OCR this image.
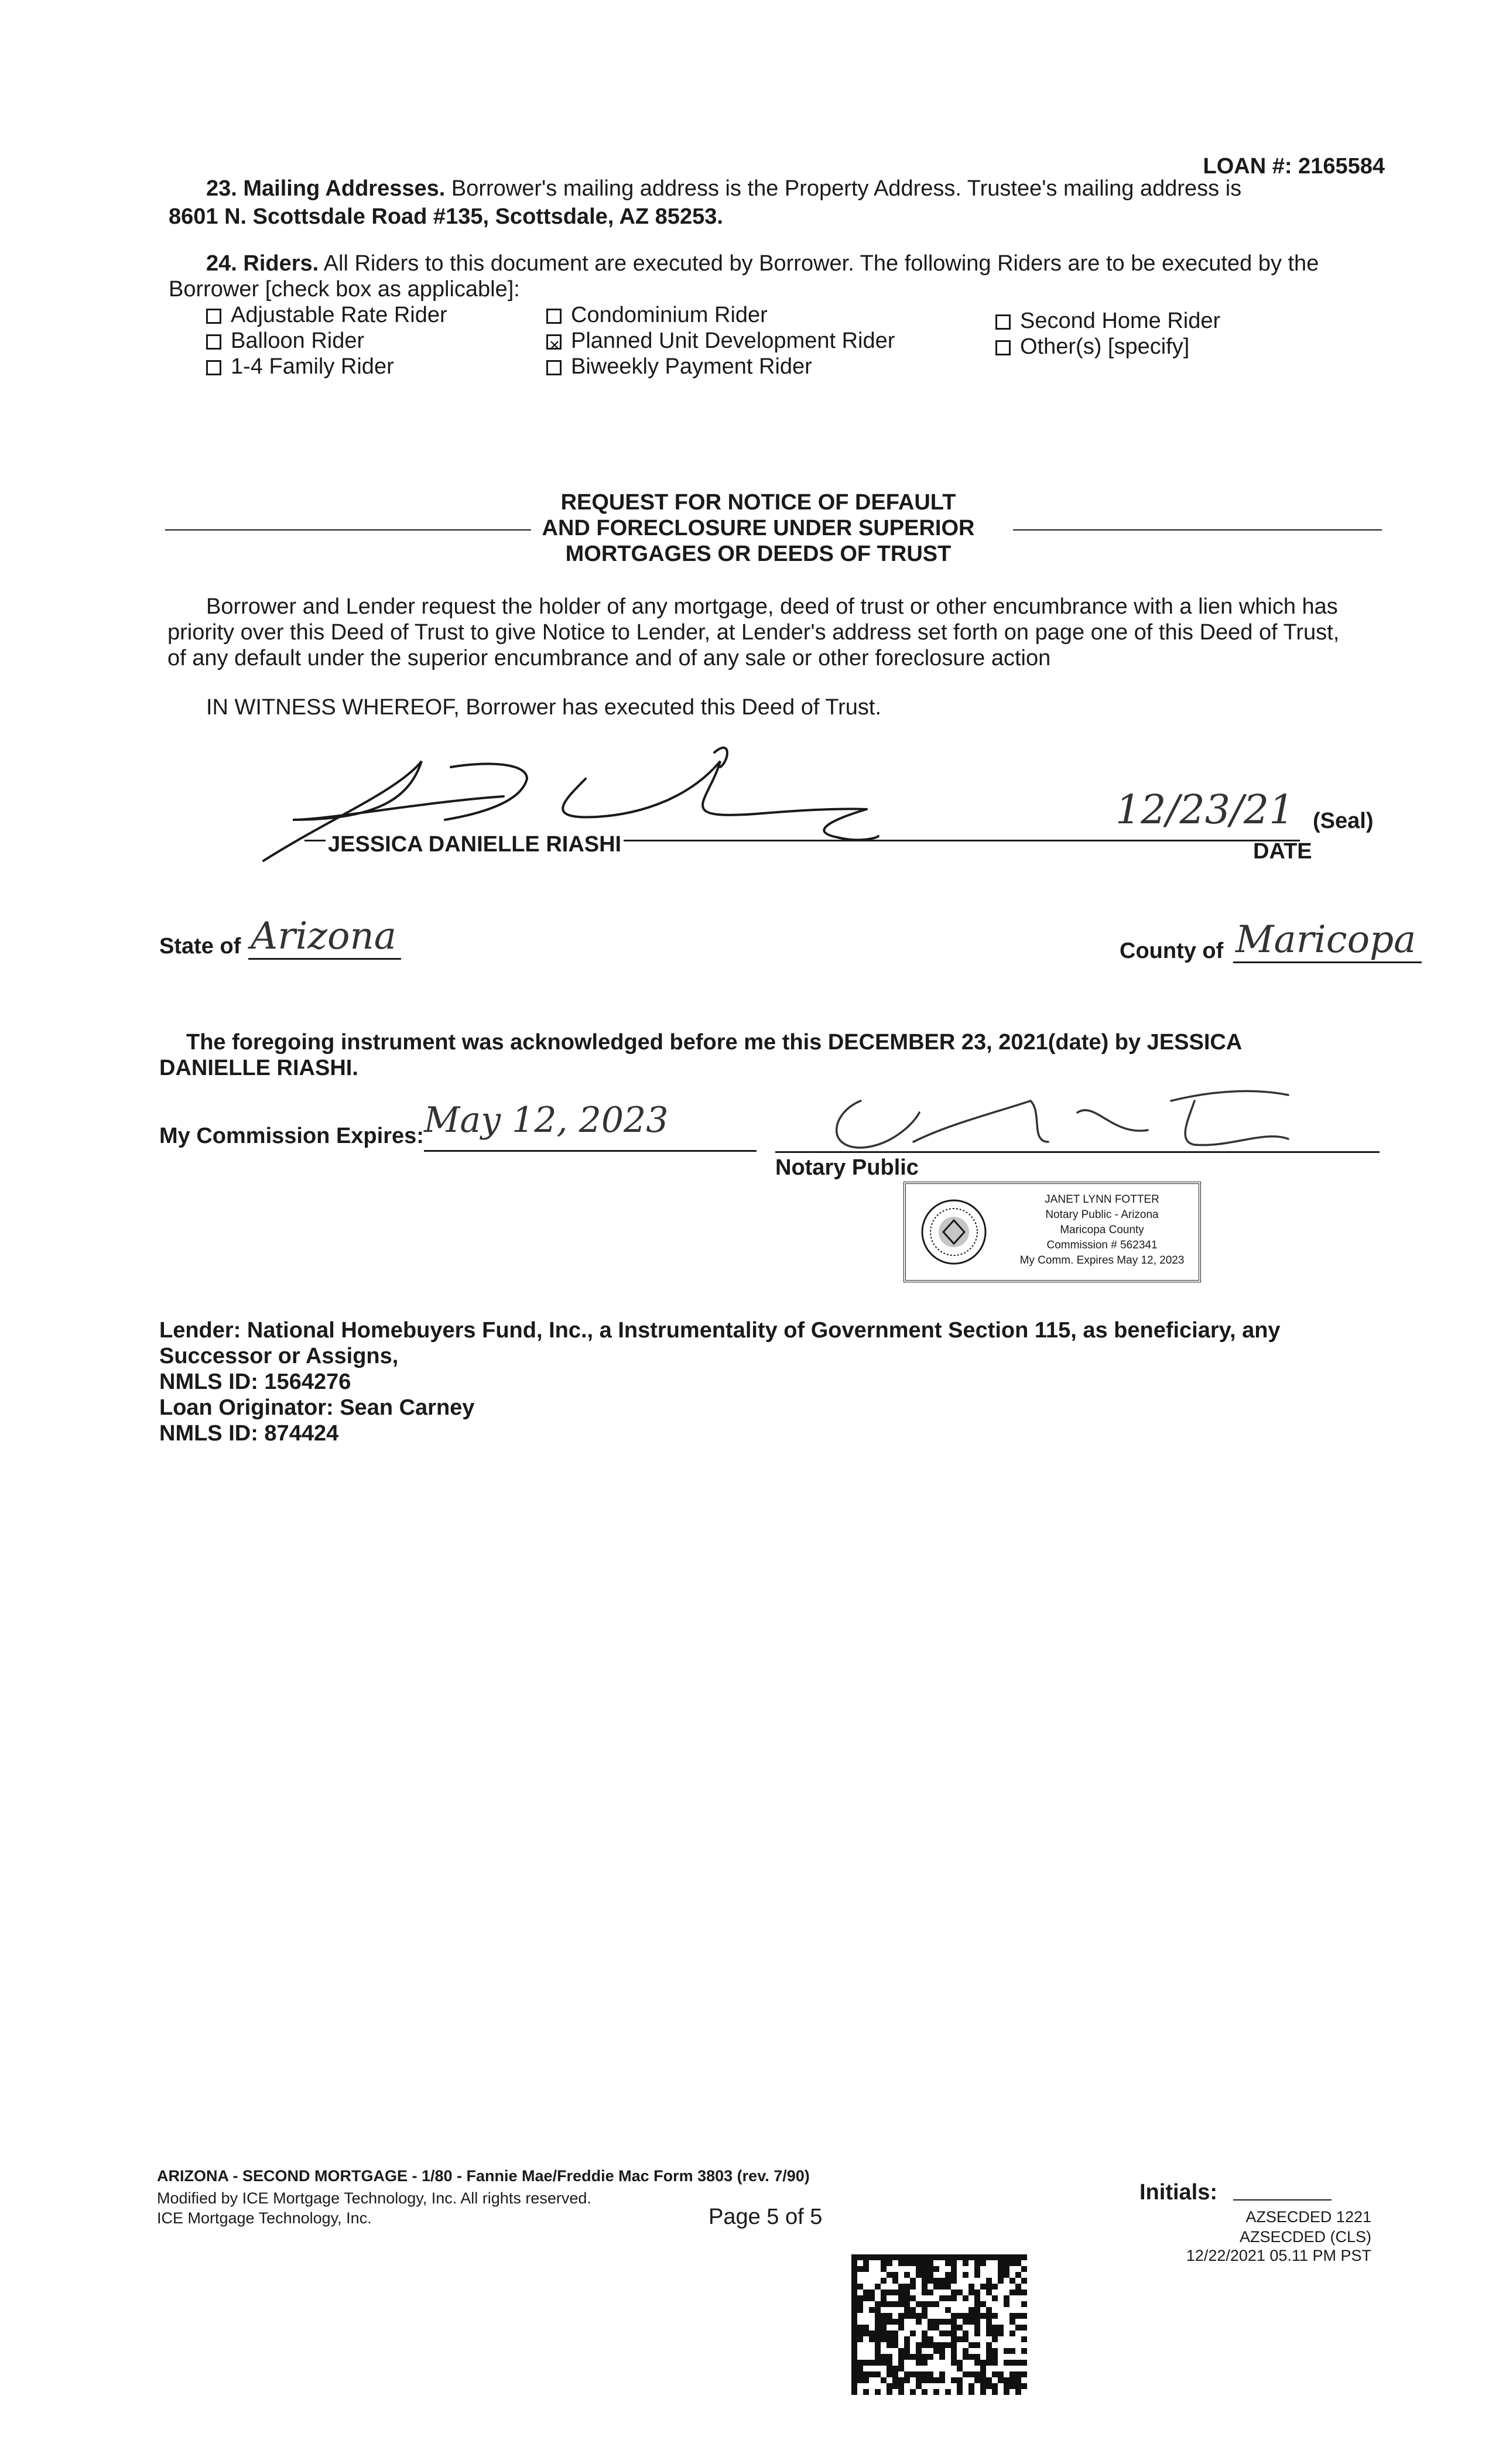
LOAN #: 2165584
23. Mailing Addresses. Borrower's mailing address is the Property Address. Trustee's mailing address is
8601 N. Scottsdale Road #135, Scottsdale, AZ 85253.
24. Riders. All Riders to this document are executed by Borrower. The following Riders are to be executed by the
Borrower [check box as applicable]:
Adjustable Rate Rider
Balloon Rider
1-4 Family Rider
Condominium Rider
✕Planned Unit Development Rider
Biweekly Payment Rider
Second Home Rider
Other(s) [specify]
REQUEST FOR NOTICE OF DEFAULT
AND FORECLOSURE UNDER SUPERIOR
MORTGAGES OR DEEDS OF TRUST
Borrower and Lender request the holder of any mortgage, deed of trust or other encumbrance with a lien which has
priority over this Deed of Trust to give Notice to Lender, at Lender's address set forth on page one of this Deed of Trust,
of any default under the superior encumbrance and of any sale or other foreclosure action
IN WITNESS WHEREOF, Borrower has executed this Deed of Trust.
JESSICA DANIELLE RIASHI
12/23/21 (Seal)
DATE
State of Arizona	County of Maricopa
The foregoing instrument was acknowledged before me this DECEMBER 23, 2021(date) by JESSICA
DANIELLE RIASHI.
My Commission Expires: May 12, 2023
Notary Public
JANET LYNN FOTTER
Notary Public - Arizona
Maricopa County
Commission # 562341
My Comm. Expires May 12, 2023
Lender: National Homebuyers Fund, Inc., a Instrumentality of Government Section 115, as beneficiary, any
Successor or Assigns,
NMLS ID: 1564276
Loan Originator: Sean Carney
NMLS ID: 874424
ARIZONA - SECOND MORTGAGE - 1/80 - Fannie Mae/Freddie Mac Form 3803 (rev. 7/90)
Modified by ICE Mortgage Technology, Inc. All rights reserved.
ICE Mortgage Technology, Inc.	Page 5 of 5
Initials:
AZSECDED 1221
AZSECDED (CLS)
12/22/2021 05.11 PM PST
